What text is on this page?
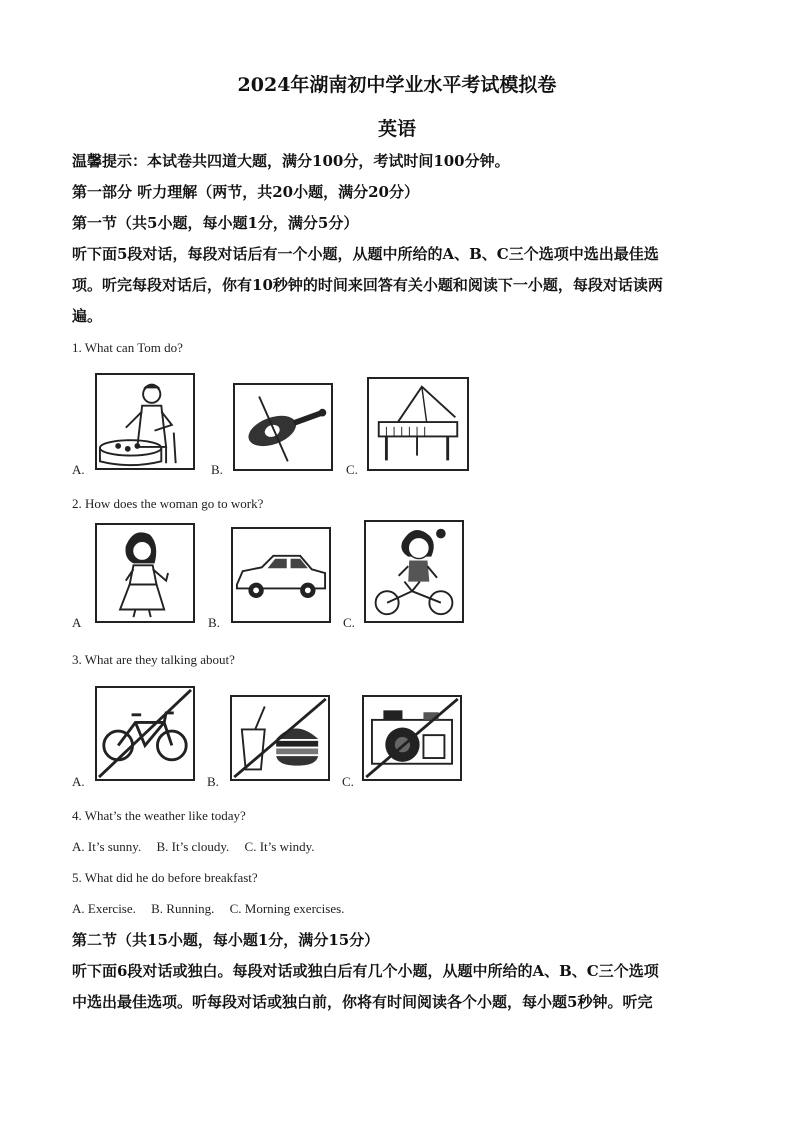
2024年湖南初中学业水平考试模拟卷
英语
温馨提示：本试卷共四道大题，满分100分，考试时间100分钟。
第一部分 听力理解（两节，共20小题，满分20分）
第一节（共5小题，每小题1分，满分5分）
听下面5段对话，每段对话后有一个小题，从题中所给的A、B、C三个选项中选出最佳选
项。听完每段对话后，你有10秒钟的时间来回答有关小题和阅读下一小题，每段对话读两
遍。
1. What can Tom do?
A.	B.	C.
2. How does the woman go to work?
A	B.	C.
3. What are they talking about?
A.	B.	C.
4. What’s the weather like today?
A. It’s sunny. B. It’s cloudy. C. It’s windy.
5. What did he do before breakfast?
A. Exercise. B. Running. C. Morning exercises.
第二节（共15小题，每小题1分，满分15分）
听下面6段对话或独白。每段对话或独白后有几个小题，从题中所给的A、B、C三个选项
中选出最佳选项。听每段对话或独白前，你将有时间阅读各个小题，每小题5秒钟。听完
